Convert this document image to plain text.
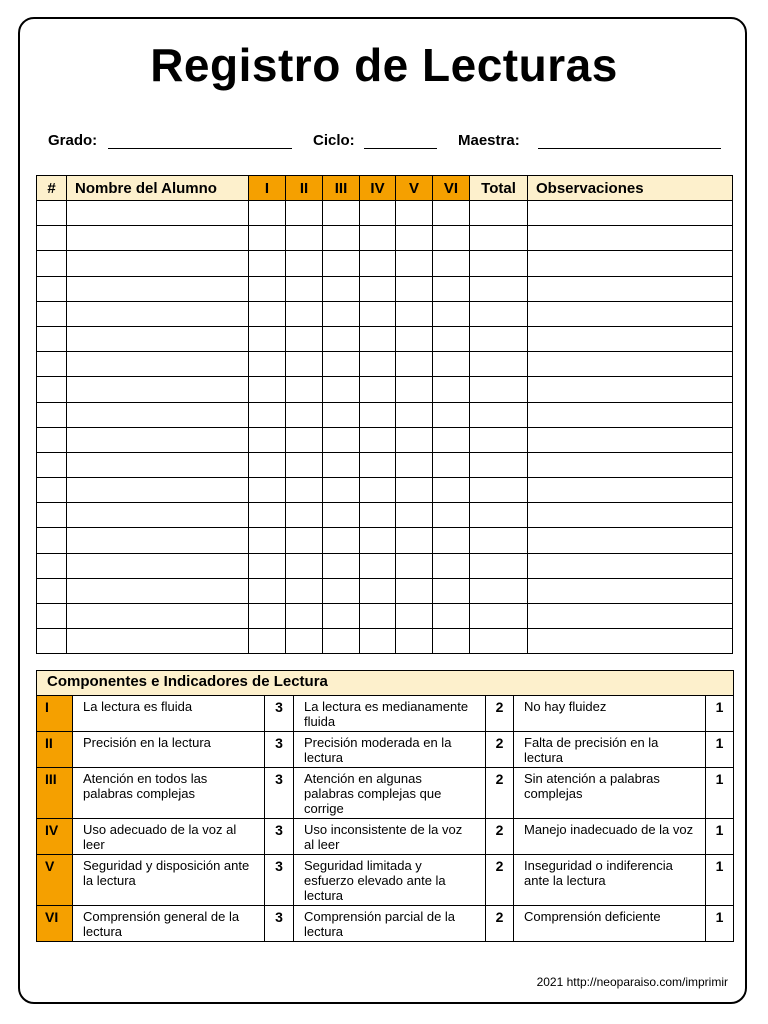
Registro de Lecturas
Grado:	Ciclo:	Maestra:
#	Nombre del Alumno	I	II	III	IV	V	VI	Total	Observaciones

Componentes e Indicadores de Lectura						
I	La lectura es fluida	3	La lectura es medianamente fluida	2	No hay fluidez	1
II	Precisión en la lectura	3	Precisión moderada en la lectura	2	Falta de precisión en la lectura	1
III	Atención en todos las palabras complejas	3	Atención en algunas palabras complejas que corrige	2	Sin atención a palabras complejas	1
IV	Uso adecuado de la voz al leer	3	Uso inconsistente de la voz al leer	2	Manejo inadecuado de la voz	1
V	Seguridad y disposición ante la lectura	3	Seguridad limitada y esfuerzo elevado ante la lectura	2	Inseguridad o indiferencia ante la lectura	1
VI	Comprensión general de la lectura	3	Comprensión parcial de la lectura	2	Comprensión deficiente	1
2021 http://neoparaiso.com/imprimir
